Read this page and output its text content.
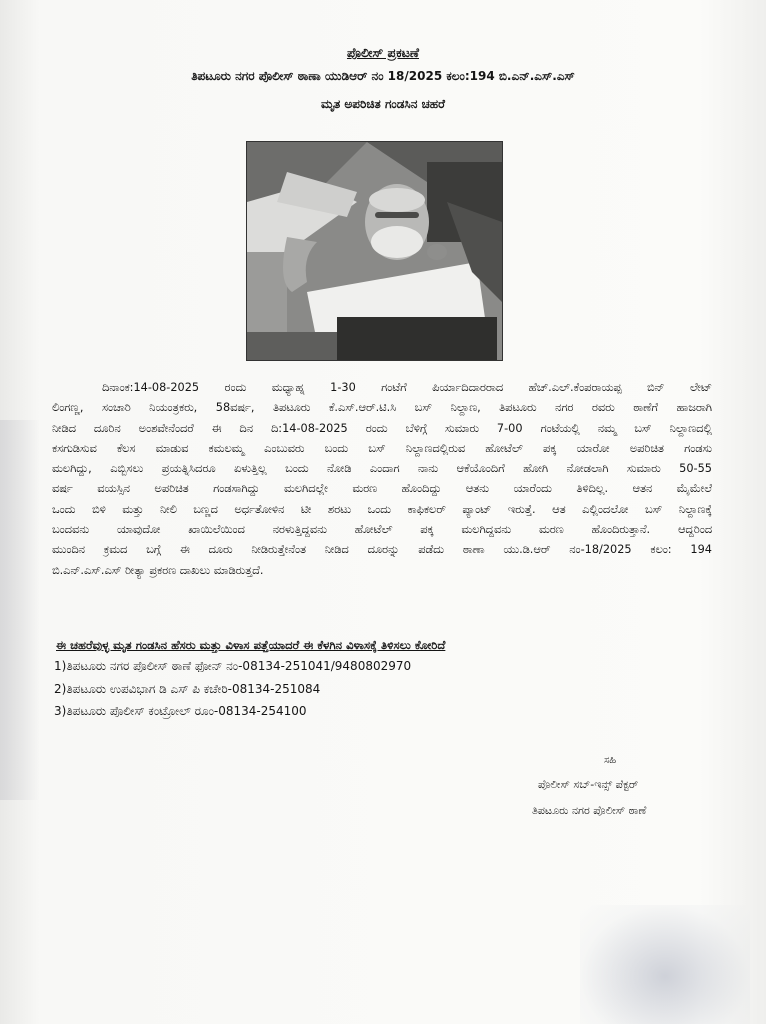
ಪೊಲೀಸ್ ಪ್ರಕಟಣೆ
ತಿಪಟೂರು ನಗರ ಪೊಲೀಸ್ ಠಾಣಾ ಯುಡಿಆರ್ ನಂ 18/2025 ಕಲಂ:194 ಬಿ.ಎನ್.ಎಸ್.ಎಸ್
ಮೃತ ಅಪರಿಚಿತ ಗಂಡಸಿನ ಚಹರೆ
ದಿನಾಂಕ:14-08-2025 ರಂದು ಮಧ್ಯಾಹ್ನ 1-30 ಗಂಟೆಗೆ ಪಿರ್ಯಾದಿದಾರರಾದ ಹೆಚ್.ಎಲ್.ಕೆಂಪರಾಯಪ್ಪ ಬಿನ್ ಲೇಟ್
ಲಿಂಗಣ್ಣ, ಸಂಚಾರಿ ನಿಯಂತ್ರಕರು, 58ವರ್ಷ, ತಿಪಟೂರು ಕೆ.ಎಸ್.ಆರ್.ಟಿ.ಸಿ ಬಸ್ ನಿಲ್ದಾಣ, ತಿಪಟೂರು ನಗರ ರವರು ಠಾಣೆಗೆ ಹಾಜರಾಗಿ
ನೀಡಿದ ದೂರಿನ ಅಂಶವೇನೆಂದರೆ ಈ ದಿನ ದಿ:14-08-2025 ರಂದು ಬೆಳಿಗ್ಗೆ ಸುಮಾರು 7-00 ಗಂಟೆಯಲ್ಲಿ ನಮ್ಮ ಬಸ್ ನಿಲ್ದಾಣದಲ್ಲಿ
ಕಸಗುಡಿಸುವ ಕೆಲಸ ಮಾಡುವ ಕಮಲಮ್ಮ ಎಂಬುವರು ಬಂದು ಬಸ್ ನಿಲ್ದಾಣದಲ್ಲಿರುವ ಹೋಟೆಲ್ ಪಕ್ಕ ಯಾರೋ ಅಪರಿಚಿತ ಗಂಡಸು
ಮಲಗಿದ್ದು, ಎಬ್ಬಿಸಲು ಪ್ರಯತ್ನಿಸಿದರೂ ಏಳುತ್ತಿಲ್ಲ ಬಂದು ನೋಡಿ ಎಂದಾಗ ನಾನು ಆಕೆಯೊಂದಿಗೆ ಹೋಗಿ ನೋಡಲಾಗಿ ಸುಮಾರು 50-55
ವರ್ಷ ವಯಸ್ಸಿನ ಅಪರಿಚಿತ ಗಂಡಸಾಗಿದ್ದು ಮಲಗಿದಲ್ಲೇ ಮರಣ ಹೊಂದಿದ್ದು ಆತನು ಯಾರೆಂದು ತಿಳಿದಿಲ್ಲ. ಆತನ ಮೈಮೇಲೆ
ಒಂದು ಬಿಳಿ ಮತ್ತು ನೀಲಿ ಬಣ್ಣದ ಅರ್ಧತೋಳಿನ ಟೀ ಶರಟು ಒಂದು ಕಾಫಿಕಲರ್ ಪ್ಯಾಂಟ್ ಇರುತ್ತೆ. ಆತ ಎಲ್ಲಿಂದಲೋ ಬಸ್ ನಿಲ್ದಾಣಕ್ಕೆ
ಬಂದವನು ಯಾವುದೋ ಖಾಯಿಲೆಯಿಂದ ನರಳುತ್ತಿದ್ದವನು ಹೋಟೆಲ್ ಪಕ್ಕ ಮಲಗಿದ್ದವನು ಮರಣ ಹೊಂದಿರುತ್ತಾನೆ. ಆದ್ದರಿಂದ
ಮುಂದಿನ ಕ್ರಮದ ಬಗ್ಗೆ ಈ ದೂರು ನೀಡಿರುತ್ತೇನೆಂತ ನೀಡಿದ ದೂರನ್ನು ಪಡೆದು ಠಾಣಾ ಯು.ಡಿ.ಆರ್ ನಂ-18/2025 ಕಲಂ: 194
ಬಿ.ಎನ್.ಎಸ್.ಎಸ್ ರೀತ್ಯಾ ಪ್ರಕರಣ ದಾಖಲು ಮಾಡಿರುತ್ತದೆ.
ಈ ಚಹರೆವುಳ್ಳ ಮೃತ ಗಂಡಸಿನ ಹೆಸರು ಮತ್ತು ವಿಳಾಸ ಪತ್ತೆಯಾದರೆ ಈ ಕೆಳಗಿನ ವಿಳಾಸಕ್ಕೆ ತಿಳಿಸಲು ಕೋರಿದೆ
1)ತಿಪಟೂರು ನಗರ ಪೊಲೀಸ್ ಠಾಣೆ ಫೋನ್ ನಂ-08134-251041/9480802970
2)ತಿಪಟೂರು ಉಪವಿಭಾಗ ಡಿ ಎಸ್ ಪಿ ಕಚೇರಿ-08134-251084
3)ತಿಪಟೂರು ಪೊಲೀಸ್ ಕಂಟ್ರೋಲ್ ರೂಂ-08134-254100
ಸಹಿ
ಪೊಲೀಸ್ ಸಬ್-ಇನ್ಸ್ ಪೆಕ್ಟರ್
ತಿಪಟೂರು ನಗರ ಪೊಲೀಸ್ ಠಾಣೆ
